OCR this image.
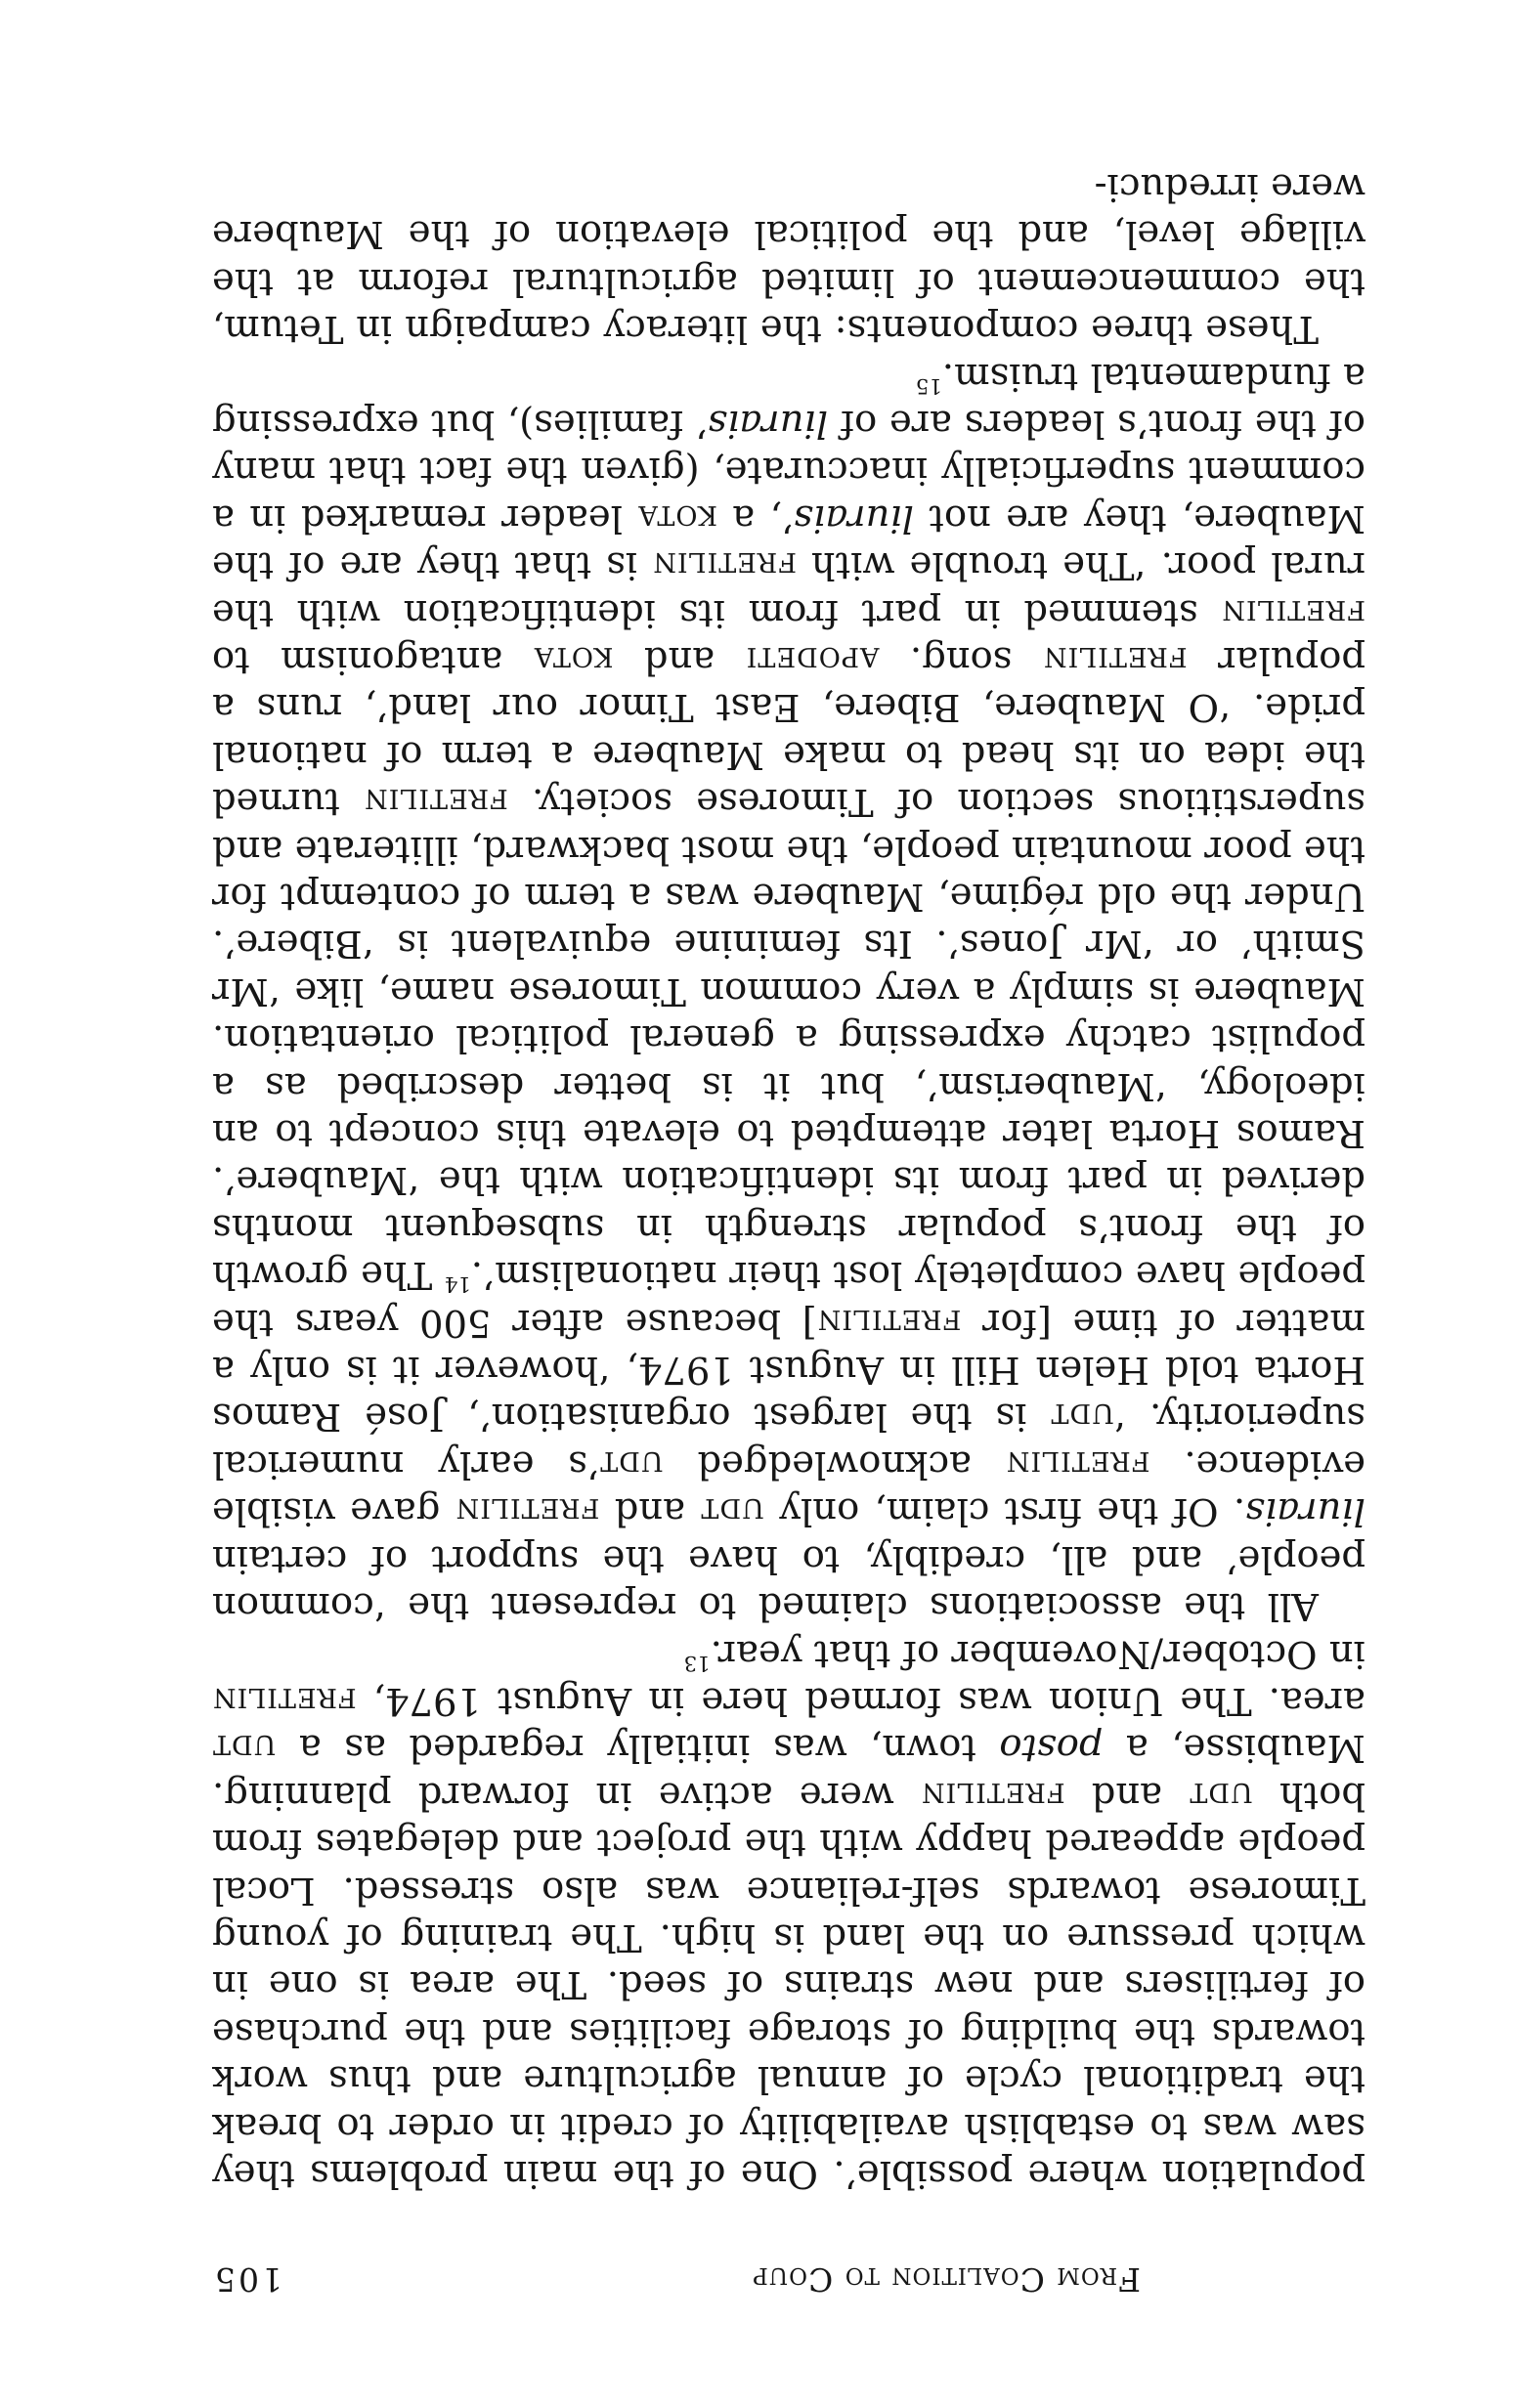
From Coalition to Coup
105

population where possible’. One of the main problems they saw was to establish availability of credit in order to break the traditional cycle of annual agriculture and thus work towards the building of storage facilities and the purchase of fertilisers and new strains of seed. The area is one in which pressure on the land is high. The training of young Timorese towards self-reliance was also stressed. Local people appeared happy with the project and delegates from both udt and fretilin were active in forward planning. Maubisse, a posto town, was initially regarded as a udt area. The Union was formed here in August 1974, fretilin in October/November of that year.$^{13}$

All the associations claimed to represent the ‘common people’ and all, credibly, to have the support of certain liurais. Of the first claim, only udt and fretilin gave visible evidence. fretilin acknowledged udt’s early numerical superiority. ‘udt is the largest organisation’, José Ramos Horta told Helen Hill in August 1974, ‘however it is only a matter of time [for fretilin] because after 500 years the people have completely lost their nationalism’.$^{14}$ The growth of the front’s popular strength in subsequent months derived in part from its identification with the ‘Maubere’. Ramos Horta later attempted to elevate this concept to an ideology, ‘Mauberism’, but it is better described as a populist catchy expressing a general political orientation. Maubere is simply a very common Timorese name, like ‘Mr Smith’ or ‘Mr Jones’. Its feminine equivalent is ‘Bibere’. Under the old régime, Maubere was a term of contempt for the poor mountain people, the most backward, illiterate and superstitious section of Timorese society. fretilin turned the idea on its head to make Maubere a term of national pride. ‘O Maubere, Bibere, East Timor our land’, runs a popular fretilin song. apodeti and kota antagonism to fretilin stemmed in part from its identification with the rural poor. ‘The trouble with fretilin is that they are of the Maubere, they are not liurais’, a kota leader remarked in a comment superficially inaccurate, (given the fact that many of the front’s leaders are of liurais’ families), but expressing a fundamental truism.$^{15}$

These three components: the literacy campaign in Tetum, the commencement of limited agricultural reform at the village level, and the political elevation of the Maubere were irreduci-
